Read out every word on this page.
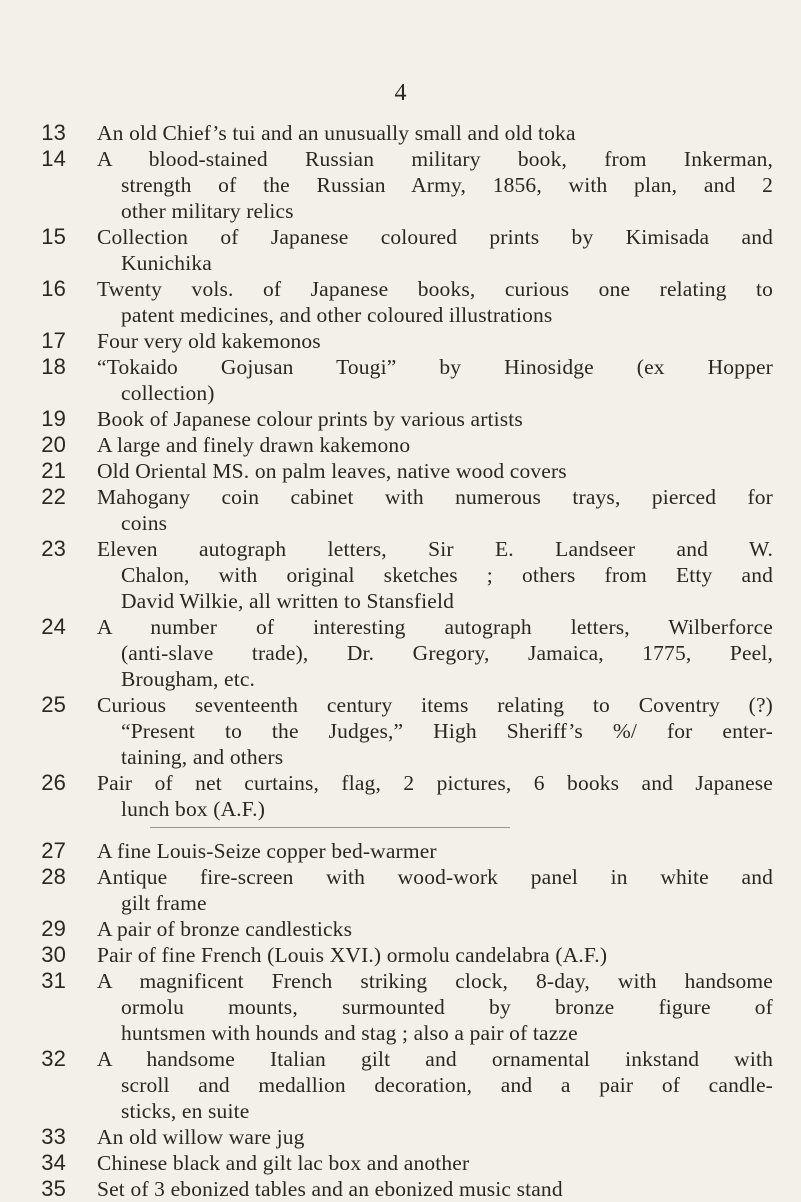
4
13 An old Chief’s tui and an unusually small and old toka
14 A blood-stained Russian military book, from Inkerman,
strength of the Russian Army, 1856, with plan, and 2
other military relics
15 Collection of Japanese coloured prints by Kimisada and
Kunichika
16 Twenty vols. of Japanese books, curious one relating to
patent medicines, and other coloured illustrations
17 Four very old kakemonos
18 “Tokaido Gojusan Tougi” by Hinosidge (ex Hopper
collection)
19 Book of Japanese colour prints by various artists
20 A large and finely drawn kakemono
21 Old Oriental MS. on palm leaves, native wood covers
22 Mahogany coin cabinet with numerous trays, pierced for
coins
23 Eleven autograph letters, Sir E. Landseer and W.
Chalon, with original sketches ; others from Etty and
David Wilkie, all written to Stansfield
24 A number of interesting autograph letters, Wilberforce
(anti-slave trade), Dr. Gregory, Jamaica, 1775, Peel,
Brougham, etc.
25 Curious seventeenth century items relating to Coventry (?)
“Present to the Judges,” High Sheriff’s %/ for enter-
taining, and others
26 Pair of net curtains, flag, 2 pictures, 6 books and Japanese
lunch box (A.F.)
27 A fine Louis-Seize copper bed-warmer
28 Antique fire-screen with wood-work panel in white and
gilt frame
29 A pair of bronze candlesticks
30 Pair of fine French (Louis XVI.) ormolu candelabra (A.F.)
31 A magnificent French striking clock, 8-day, with handsome
ormolu mounts, surmounted by bronze figure of
huntsmen with hounds and stag ; also a pair of tazze
32 A handsome Italian gilt and ornamental inkstand with
scroll and medallion decoration, and a pair of candle-
sticks, en suite
33 An old willow ware jug
34 Chinese black and gilt lac box and another
35 Set of 3 ebonized tables and an ebonized music stand
